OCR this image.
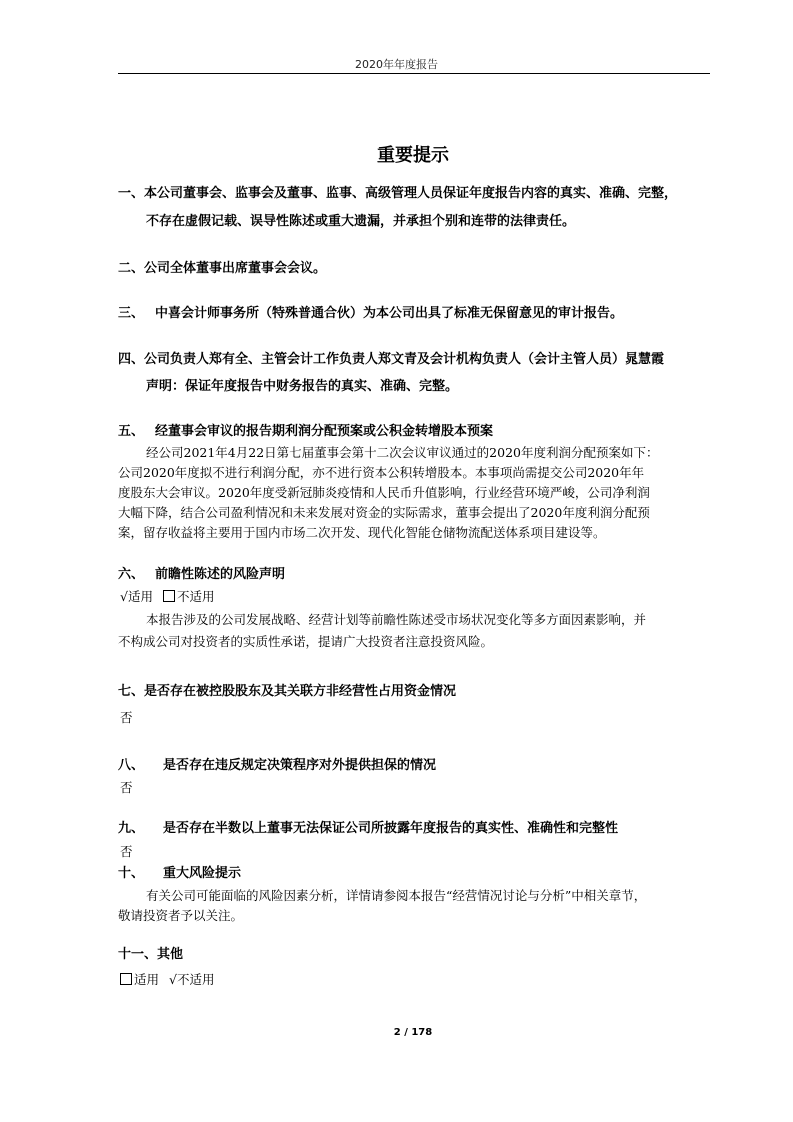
2020年年度报告
重要提示
一、本公司董事会、监事会及董事、监事、高级管理人员保证年度报告内容的真实、准确、完整，
不存在虚假记载、误导性陈述或重大遗漏，并承担个别和连带的法律责任。
二、公司全体董事出席董事会会议。
三、 中喜会计师事务所（特殊普通合伙）为本公司出具了标准无保留意见的审计报告。
四、公司负责人郑有全、主管会计工作负责人郑文青及会计机构负责人（会计主管人员）晁慧霞
声明：保证年度报告中财务报告的真实、准确、完整。
五、 经董事会审议的报告期利润分配预案或公积金转增股本预案
经公司2021年4月22日第七届董事会第十二次会议审议通过的2020年度利润分配预案如下：
公司2020年度拟不进行利润分配，亦不进行资本公积转增股本。本事项尚需提交公司2020年年
度股东大会审议。2020年度受新冠肺炎疫情和人民币升值影响，行业经营环境严峻，公司净利润
大幅下降，结合公司盈利情况和未来发展对资金的实际需求，董事会提出了2020年度利润分配预
案，留存收益将主要用于国内市场二次开发、现代化智能仓储物流配送体系项目建设等。
六、 前瞻性陈述的风险声明
√适用 不适用
本报告涉及的公司发展战略、经营计划等前瞻性陈述受市场状况变化等多方面因素影响，并
不构成公司对投资者的实质性承诺，提请广大投资者注意投资风险。
七、是否存在被控股股东及其关联方非经营性占用资金情况
否
八、 是否存在违反规定决策程序对外提供担保的情况
否
九、 是否存在半数以上董事无法保证公司所披露年度报告的真实性、准确性和完整性
否
十、 重大风险提示
有关公司可能面临的风险因素分析，详情请参阅本报告“经营情况讨论与分析”中相关章节，
敬请投资者予以关注。
十一、其他
适用 √不适用
2 / 178
